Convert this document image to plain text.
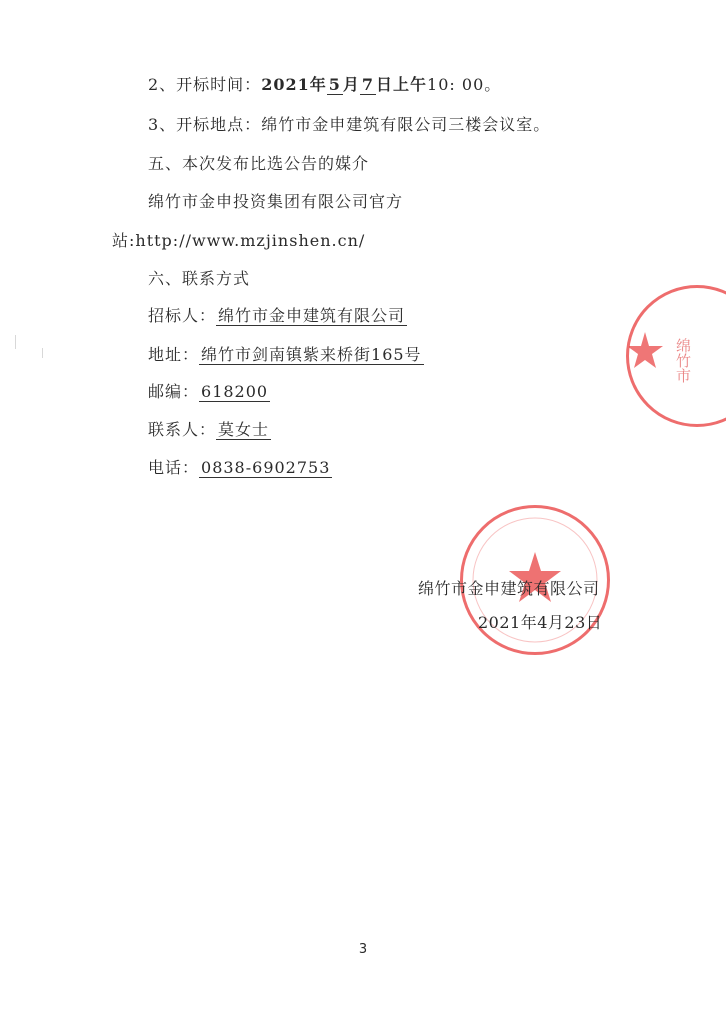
2、开标时间：2021年 5 月 7 日上午10: 00。
3、开标地点：绵竹市金申建筑有限公司三楼会议室。
五、本次发布比选公告的媒介
绵竹市金申投资集团有限公司官方
站:http://www.mzjinshen.cn/
六、联系方式
招标人： 绵竹市金申建筑有限公司
地址： 绵竹市剑南镇紫来桥街165号
邮编： 618200
联系人： 莫女士
电话： 0838-6902753
绵竹市
绵竹市金申建筑有限公司
2021年4月23日
3
